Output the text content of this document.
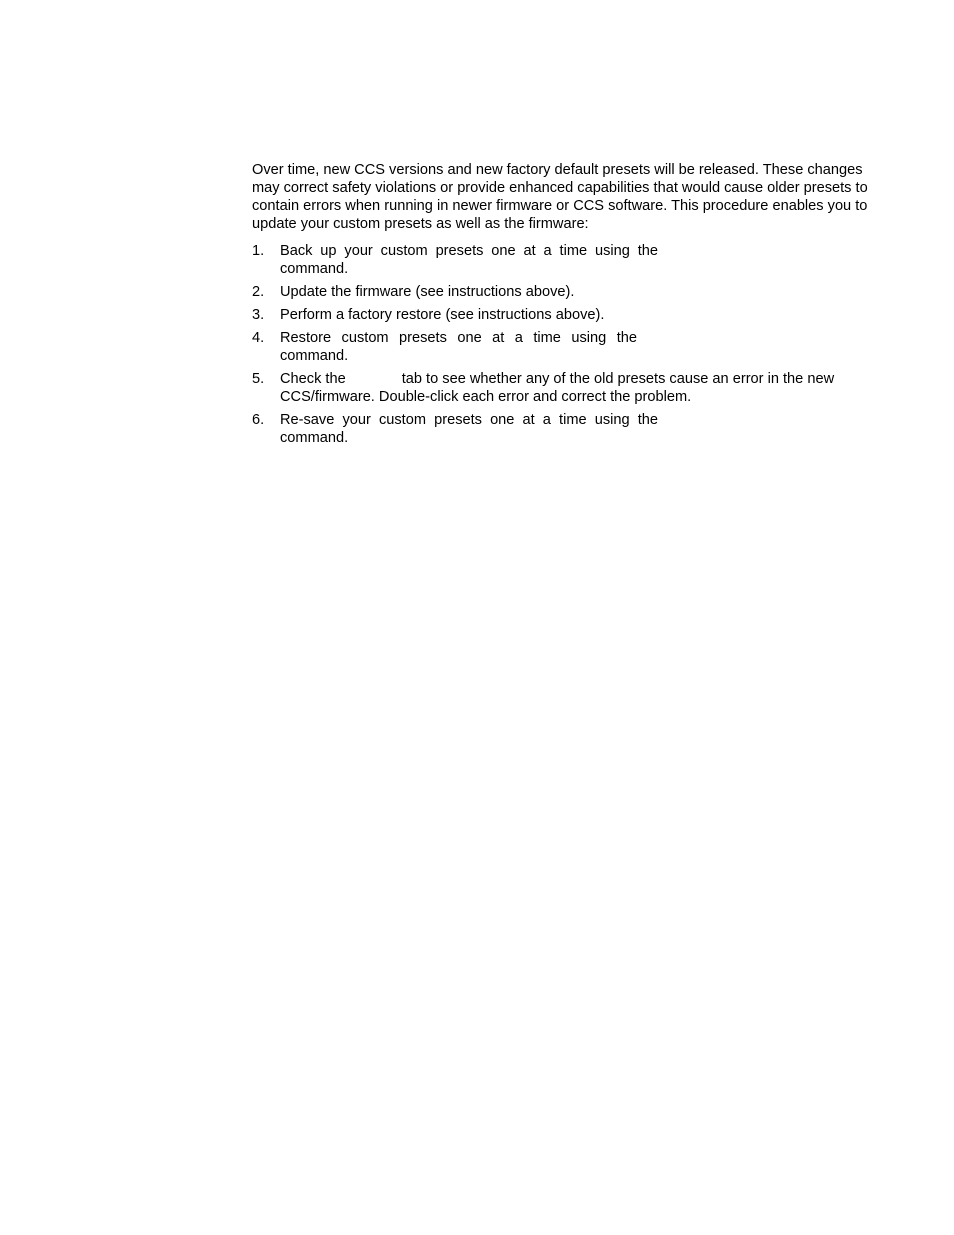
Over time, new CCS versions and new factory default presets will be released. These changes may correct safety violations or provide enhanced capabilities that would cause older presets to contain errors when running in newer firmware or CCS software. This procedure enables you to update your custom presets as well as the firmware:

1.	Back up your custom presets one at a time using the
command.
2.	Update the firmware (see instructions above).
3.	Perform a factory restore (see instructions above).
4.	Restore custom presets one at a time using the
command.
5.	Check the	tab to see whether any of the old presets cause an error in the new CCS/firmware. Double-click each error and correct the problem.
6.	Re-save your custom presets one at a time using the
command.
